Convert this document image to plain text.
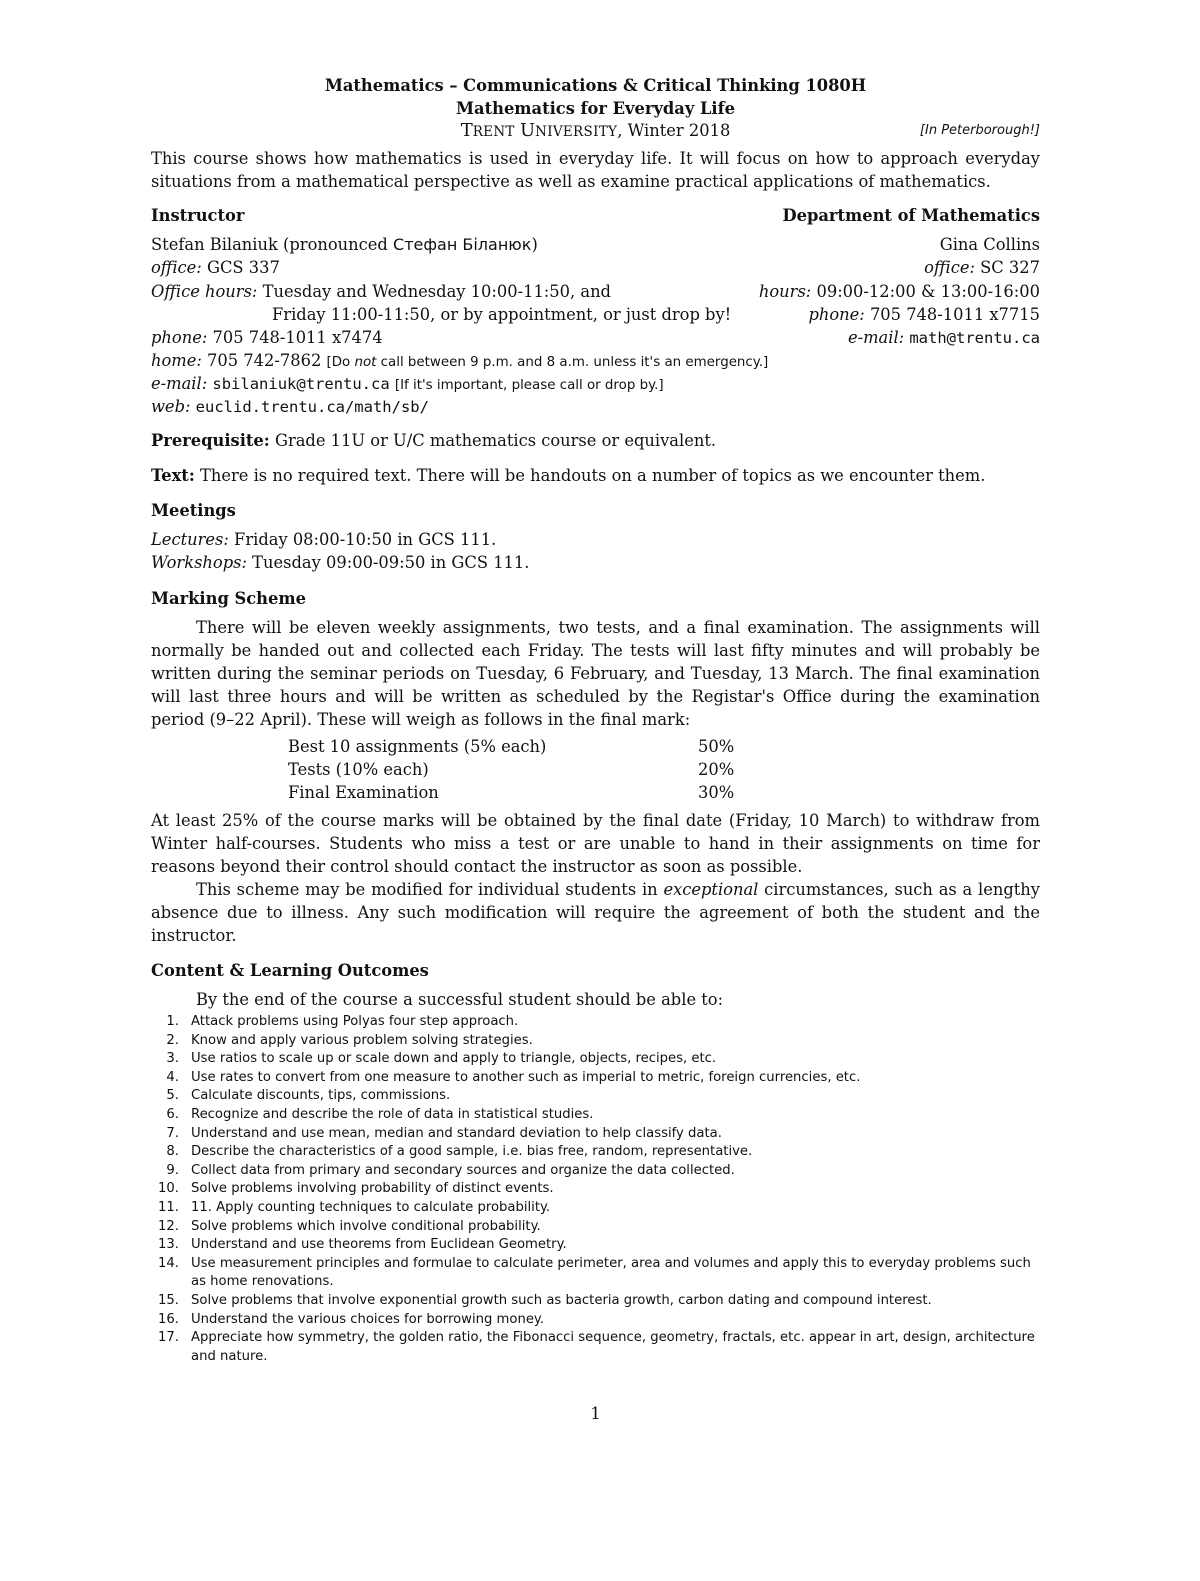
Mathematics – Communications & Critical Thinking 1080H
Mathematics for Everyday Life
TRENT UNIVERSITY, Winter 2018	[In Peterborough!]
This course shows how mathematics is used in everyday life. It will focus on how to approach everyday situations from a mathematical perspective as well as examine practical applications of mathematics.
Instructor	Department of Mathematics
Stefan Bilaniuk (pronounced Стефан Біланюк)	Gina Collins
office: GCS 337	office: SC 327
Office hours: Tuesday and Wednesday 10:00-11:50, and	hours: 09:00-12:00 & 13:00-16:00
Friday 11:00-11:50, or by appointment, or just drop by!	phone: 705 748-1011 x7715
phone: 705 748-1011 x7474	e-mail: math@trentu.ca
home: 705 742-7862 [Do not call between 9 p.m. and 8 a.m. unless it's an emergency.]
e-mail: sbilaniuk@trentu.ca [If it's important, please call or drop by.]
web: euclid.trentu.ca/math/sb/
Prerequisite: Grade 11U or U/C mathematics course or equivalent.
Text: There is no required text. There will be handouts on a number of topics as we encounter them.
Meetings
Lectures: Friday 08:00-10:50 in GCS 111.
Workshops: Tuesday 09:00-09:50 in GCS 111.
Marking Scheme
There will be eleven weekly assignments, two tests, and a final examination. The assignments will normally be handed out and collected each Friday. The tests will last fifty minutes and will probably be written during the seminar periods on Tuesday, 6 February, and Tuesday, 13 March. The final examination will last three hours and will be written as scheduled by the Registar's Office during the examination period (9–22 April). These will weigh as follows in the final mark:
Best 10 assignments (5% each)	50%
Tests (10% each)	20%
Final Examination	30%
At least 25% of the course marks will be obtained by the final date (Friday, 10 March) to withdraw from Winter half-courses. Students who miss a test or are unable to hand in their assignments on time for reasons beyond their control should contact the instructor as soon as possible.
This scheme may be modified for individual students in exceptional circumstances, such as a lengthy absence due to illness. Any such modification will require the agreement of both the student and the instructor.
Content & Learning Outcomes
By the end of the course a successful student should be able to:
1. Attack problems using Polyas four step approach.
2. Know and apply various problem solving strategies.
3. Use ratios to scale up or scale down and apply to triangle, objects, recipes, etc.
4. Use rates to convert from one measure to another such as imperial to metric, foreign currencies, etc.
5. Calculate discounts, tips, commissions.
6. Recognize and describe the role of data in statistical studies.
7. Understand and use mean, median and standard deviation to help classify data.
8. Describe the characteristics of a good sample, i.e. bias free, random, representative.
9. Collect data from primary and secondary sources and organize the data collected.
10. Solve problems involving probability of distinct events.
11. 11. Apply counting techniques to calculate probability.
12. Solve problems which involve conditional probability.
13. Understand and use theorems from Euclidean Geometry.
14. Use measurement principles and formulae to calculate perimeter, area and volumes and apply this to everyday problems such as home renovations.
15. Solve problems that involve exponential growth such as bacteria growth, carbon dating and compound interest.
16. Understand the various choices for borrowing money.
17. Appreciate how symmetry, the golden ratio, the Fibonacci sequence, geometry, fractals, etc. appear in art, design, architecture and nature.
1
